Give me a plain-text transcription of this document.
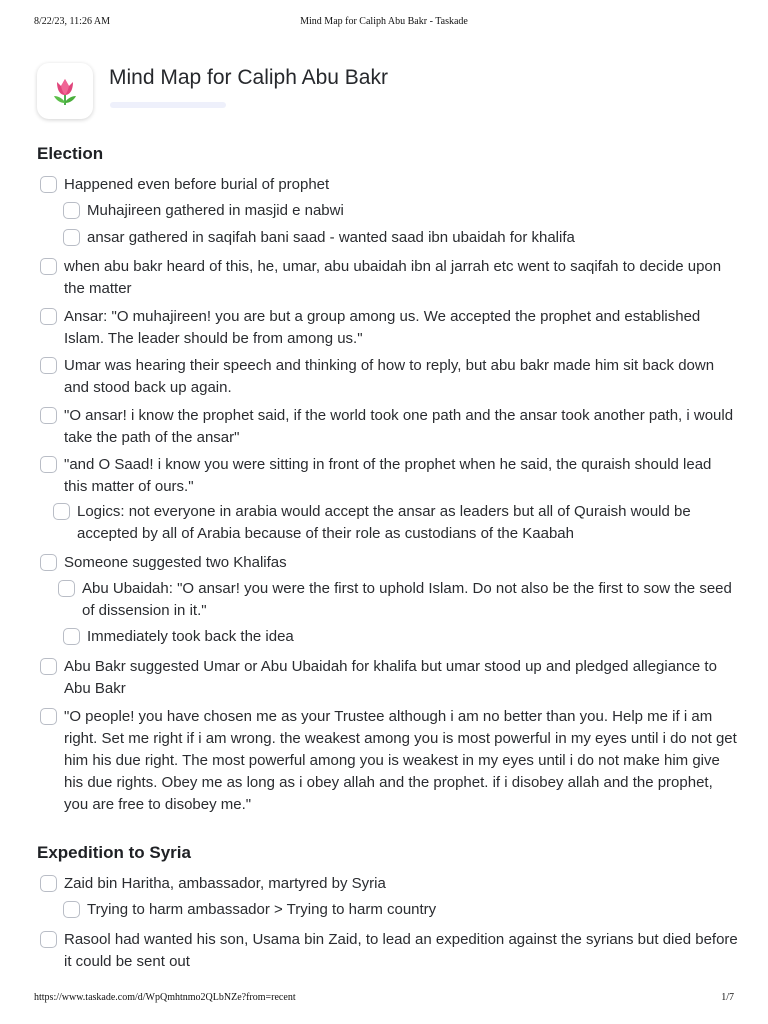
8/22/23, 11:26 AM	Mind Map for Caliph Abu Bakr - Taskade
Mind Map for Caliph Abu Bakr
Election
Happened even before burial of prophet
Muhajireen gathered in masjid e nabwi
ansar gathered in saqifah bani saad - wanted saad ibn ubaidah for khalifa
when abu bakr heard of this, he, umar, abu ubaidah ibn al jarrah etc went to saqifah to decide upon the matter
Ansar: "O muhajireen! you are but a group among us. We accepted the prophet and established Islam. The leader should be from among us."
Umar was hearing their speech and thinking of how to reply, but abu bakr made him sit back down and stood back up again.
"O ansar! i know the prophet said, if the world took one path and the ansar took another path, i would take the path of the ansar"
"and O Saad! i know you were sitting in front of the prophet when he said, the quraish should lead this matter of ours."
Logics: not everyone in arabia would accept the ansar as leaders but all of Quraish would be accepted by all of Arabia because of their role as custodians of the Kaabah
Someone suggested two Khalifas
Abu Ubaidah: "O ansar! you were the first to uphold Islam. Do not also be the first to sow the seed of dissension in it."
Immediately took back the idea
Abu Bakr suggested Umar or Abu Ubaidah for khalifa but umar stood up and pledged allegiance to Abu Bakr
"O people! you have chosen me as your Trustee although i am no better than you. Help me if i am right. Set me right if i am wrong. the weakest among you is most powerful in my eyes until i do not get him his due right. The most powerful among you is weakest in my eyes until i do not make him give his due rights. Obey me as long as i obey allah and the prophet. if i disobey allah and the prophet, you are free to disobey me."
Expedition to Syria
Zaid bin Haritha, ambassador, martyred by Syria
Trying to harm ambassador > Trying to harm country
Rasool had wanted his son, Usama bin Zaid, to lead an expedition against the syrians but died before it could be sent out
https://www.taskade.com/d/WpQmhtnmo2QLbNZe?from=recent	1/7
